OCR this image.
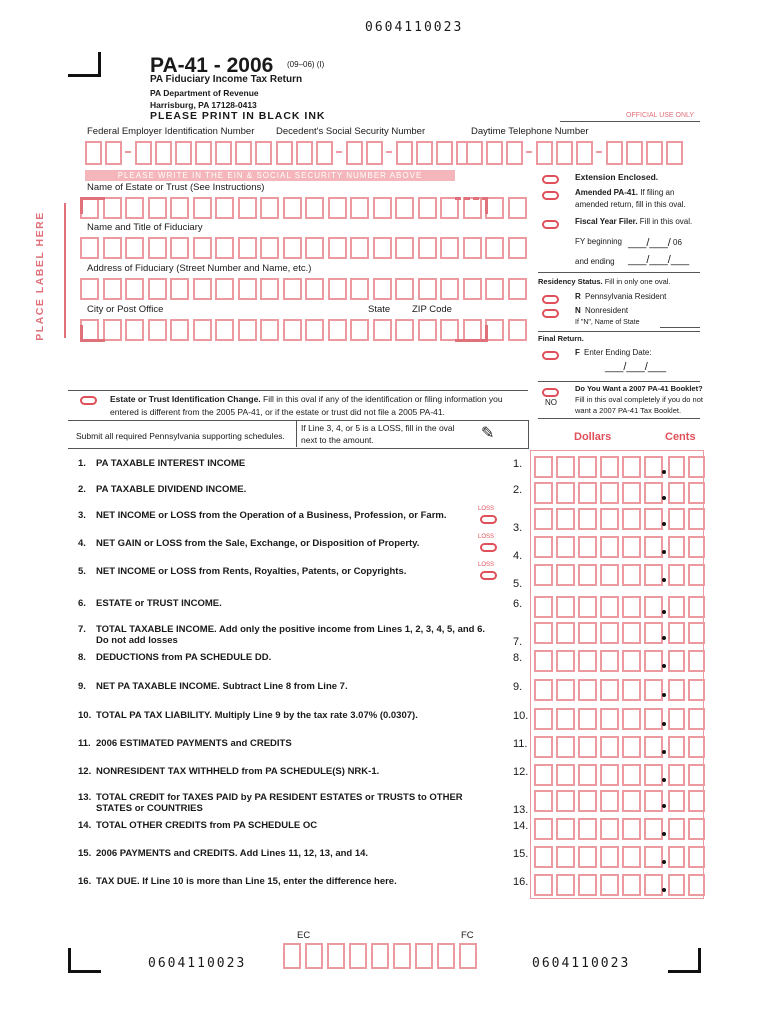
0604110023
PA-41 - 2006 (09–06) (I)
PA Fiduciary Income Tax Return
PA Department of Revenue
Harrisburg, PA 17128-0413
PLEASE PRINT IN BLACK INK	OFFICIAL USE ONLY
Federal Employer Identification Number Decedent's Social Security Number	Daytime Telephone Number
PLEASE WRITE IN THE EIN & SOCIAL SECURITY NUMBER ABOVE
PLACE LABEL HERE
Name of Estate or Trust (See Instructions)
Name and Title of Fiduciary
Address of Fiduciary (Street Number and Name, etc.)
City or Post Office	State ZIP Code
Extension Enclosed.
Amended PA-41. If filing an
amended return, fill in this oval.
Fiscal Year Filer. Fill in this oval.
FY beginning ___/___/ 06
and ending ___/___/___
Residency Status. Fill in only one oval.
R Pennsylvania Resident
N Nonresident
If "N", Name of State
Final Return.
F Enter Ending Date:
___/___/___
NO
Do You Want a 2007 PA-41 Booklet?
Fill in this oval completely if you do not
want a 2007 PA-41 Tax Booklet.
Estate or Trust Identification Change. Fill in this oval if any of the identification or filing information you
entered is different from the 2005 PA-41, or if the estate or trust did not file a 2005 PA-41.
Submit all required Pennsylvania supporting schedules.
If Line 3, 4, or 5 is a LOSS, fill in the oval
next to the amount.	✎	Dollars	Cents
1. PA TAXABLE INTEREST INCOME	1.
2. PA TAXABLE DIVIDEND INCOME.	2.
3. NET INCOME or LOSS from the Operation of a Business, Profession, or Farm.
3.
LOSS
4. NET GAIN or LOSS from the Sale, Exchange, or Disposition of Property.
4.
LOSS
5. NET INCOME or LOSS from Rents, Royalties, Patents, or Copyrights.
5.
LOSS
6. ESTATE or TRUST INCOME.	6.
7. TOTAL TAXABLE INCOME. Add only the positive income from Lines 1, 2, 3, 4, 5, and 6.
Do not add losses	7.
8. DEDUCTIONS from PA SCHEDULE DD.	8.
9. NET PA TAXABLE INCOME. Subtract Line 8 from Line 7.	9.
10. TOTAL PA TAX LIABILITY. Multiply Line 9 by the tax rate 3.07% (0.0307).	10.
11. 2006 ESTIMATED PAYMENTS and CREDITS	11.
12. NONRESIDENT TAX WITHHELD from PA SCHEDULE(S) NRK-1.	12.
13. TOTAL CREDIT for TAXES PAID by PA RESIDENT ESTATES or TRUSTS to OTHER
STATES or COUNTRIES	13.
14. TOTAL OTHER CREDITS from PA SCHEDULE OC	14.
15. 2006 PAYMENTS and CREDITS. Add Lines 11, 12, 13, and 14.	15.
16. TAX DUE. If Line 10 is more than Line 15, enter the difference here.	16.
EC	FC
0604110023	0604110023
